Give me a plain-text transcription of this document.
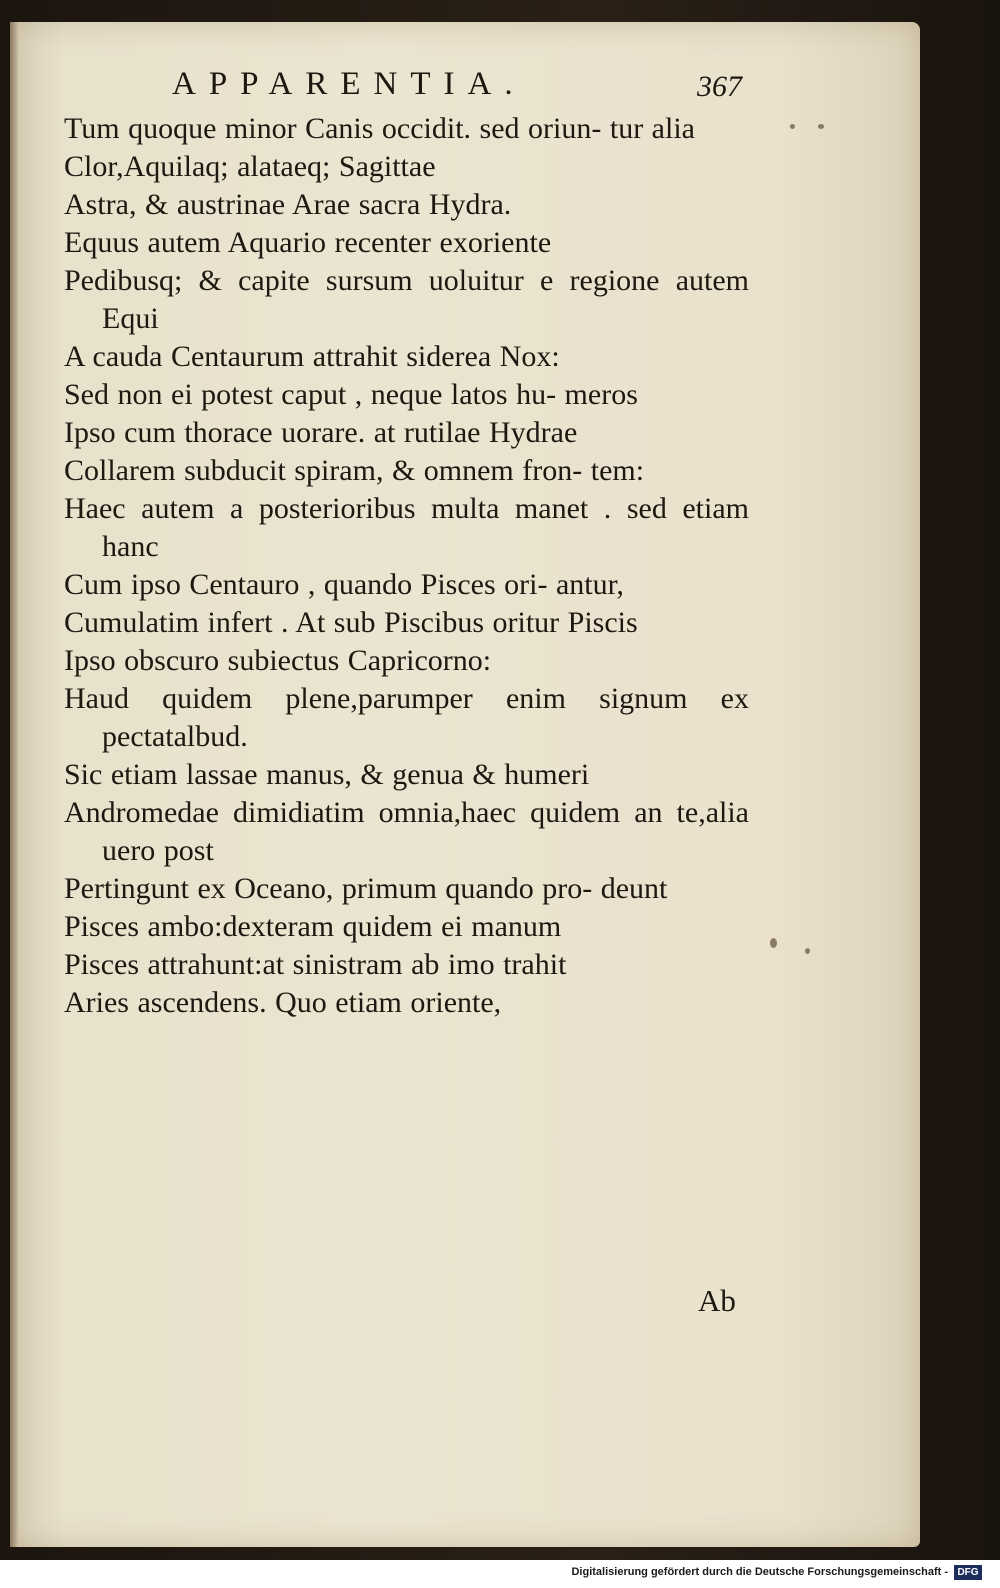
APPARENTIA.	367
Tum quoque minor Canis occidit. sed oriun- tur alia
Clor,Aquilaq; alataeq; Sagittae
Astra, & austrinae Arae sacra Hydra.
Equus autem Aquario recenter exoriente
Pedibusq; & capite sursum uoluitur e regione autem Equi
A cauda Centaurum attrahit siderea Nox:
Sed non ei potest caput , neque latos hu- meros
Ipso cum thorace uorare. at rutilae Hydrae
Collarem subducit spiram, & omnem fron- tem:
Haec autem a posterioribus multa manet . sed etiam hanc
Cum ipso Centauro , quando Pisces ori- antur,
Cumulatim infert . At sub Piscibus oritur Piscis
Ipso obscuro subiectus Capricorno:
Haud quidem plene,parumper enim signum ex pectatalbud.
Sic etiam lassae manus, & genua & humeri
Andromedae dimidiatim omnia,haec quidem an te,alia uero post
Pertingunt ex Oceano, primum quando pro- deunt
Pisces ambo:dexteram quidem ei manum
Pisces attrahunt:at sinistram ab imo trahit
Aries ascendens. Quo etiam oriente,
Ab
Digitalisierung gefördert durch die Deutsche Forschungsgemeinschaft - DFG
